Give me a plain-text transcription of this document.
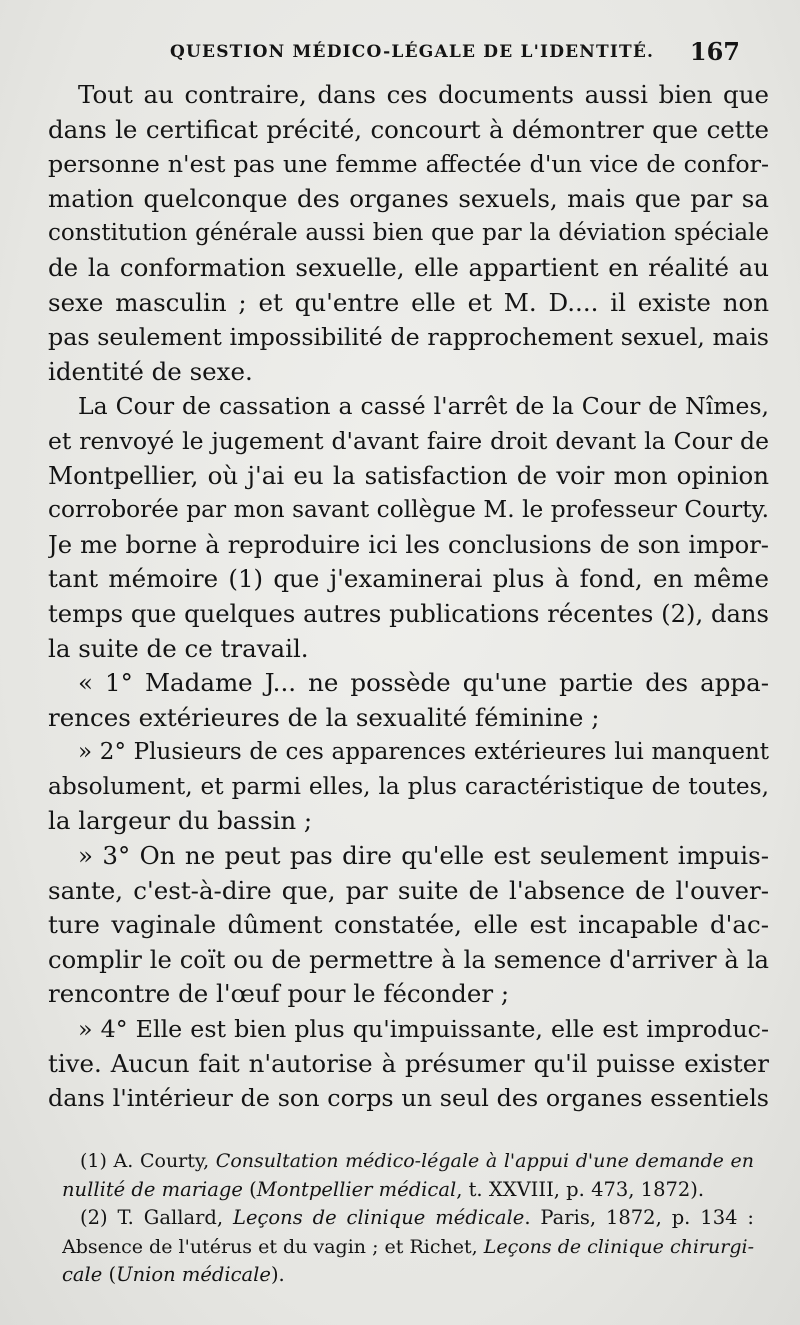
QUESTION MÉDICO-LÉGALE DE L'IDENTITÉ. 167
Tout au contraire, dans ces documents aussi bien que
dans le certificat précité, concourt à démontrer que cette
personne n'est pas une femme affectée d'un vice de confor-
mation quelconque des organes sexuels, mais que par sa
constitution générale aussi bien que par la déviation spéciale
de la conformation sexuelle, elle appartient en réalité au
sexe masculin ; et qu'entre elle et M. D.... il existe non
pas seulement impossibilité de rapprochement sexuel, mais
identité de sexe.
La Cour de cassation a cassé l'arrêt de la Cour de Nîmes,
et renvoyé le jugement d'avant faire droit devant la Cour de
Montpellier, où j'ai eu la satisfaction de voir mon opinion
corroborée par mon savant collègue M. le professeur Courty.
Je me borne à reproduire ici les conclusions de son impor-
tant mémoire (1) que j'examinerai plus à fond, en même
temps que quelques autres publications récentes (2), dans
la suite de ce travail.
« 1° Madame J... ne possède qu'une partie des appa-
rences extérieures de la sexualité féminine ;
» 2° Plusieurs de ces apparences extérieures lui manquent
absolument, et parmi elles, la plus caractéristique de toutes,
la largeur du bassin ;
» 3° On ne peut pas dire qu'elle est seulement impuis-
sante, c'est-à-dire que, par suite de l'absence de l'ouver-
ture vaginale dûment constatée, elle est incapable d'ac-
complir le coït ou de permettre à la semence d'arriver à la
rencontre de l'œuf pour le féconder ;
» 4° Elle est bien plus qu'impuissante, elle est improduc-
tive. Aucun fait n'autorise à présumer qu'il puisse exister
dans l'intérieur de son corps un seul des organes essentiels
(1) A. Courty, Consultation médico-légale à l'appui d'une demande en
nullité de mariage (Montpellier médical, t. XXVIII, p. 473, 1872).
(2) T. Gallard, Leçons de clinique médicale. Paris, 1872, p. 134 :
Absence de l'utérus et du vagin ; et Richet, Leçons de clinique chirurgi-
cale (Union médicale).
